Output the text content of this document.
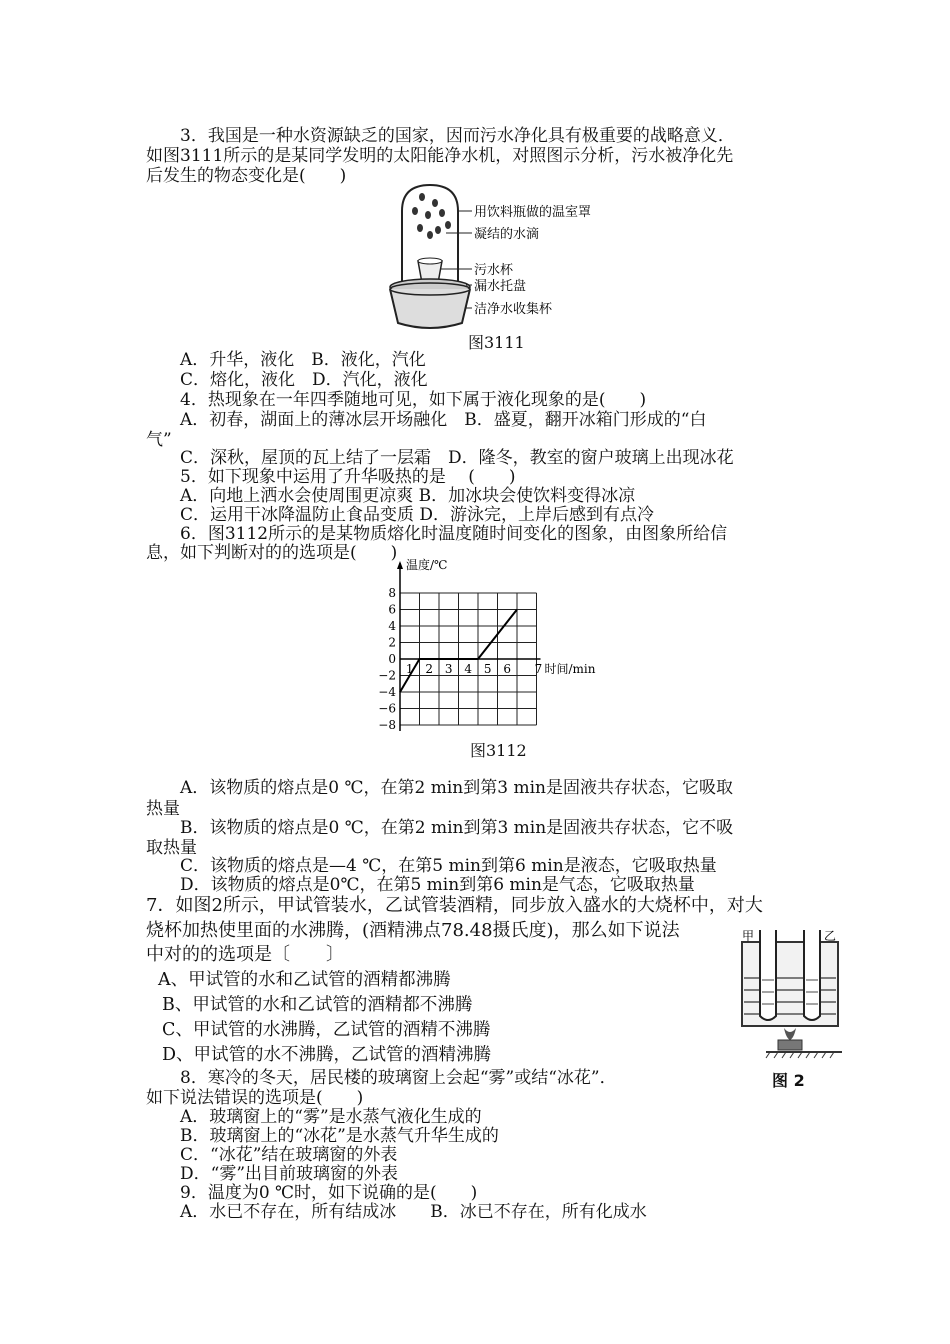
3．我国是一种水资源缺乏的国家，因而污水净化具有极重要的战略意义．
如图3111所示的是某同学发明的太阳能净水机，对照图示分析，污水被净化先
后发生的物态变化是(　　)
A．升华，液化　B．液化，汽化
C．熔化，液化　D．汽化，液化
4．热现象在一年四季随地可见，如下属于液化现象的是(　　)
A．初春，湖面上的薄冰层开场融化　B．盛夏，翻开冰箱门形成的“白
气”
C．深秋，屋顶的瓦上结了一层霜　D．隆冬，教室的窗户玻璃上出现冰花
5．如下现象中运用了升华吸热的是　 (　　)
A．向地上洒水会使周围更凉爽 B．加冰块会使饮料变得冰凉
C．运用干冰降温防止食品变质 D．游泳完，上岸后感到有点冷
6．图3112所示的是某物质熔化时温度随时间变化的图象，由图象所给信
息，如下判断对的的选项是(　　)
A．该物质的熔点是0 ℃，在第2 min到第3 min是固液共存状态，它吸取
热量
B．该物质的熔点是0 ℃，在第2 min到第3 min是固液共存状态，它不吸
取热量
C．该物质的熔点是—4 ℃，在第5 min到第6 min是液态，它吸取热量
D．该物质的熔点是0℃，在第5 min到第6 min是气态，它吸取热量
7．如图2所示，甲试管装水，乙试管装酒精，同步放入盛水的大烧杯中，对大
烧杯加热使里面的水沸腾，(酒精沸点78.48摄氏度)，那么如下说法
中对的的选项是〔　　〕
A、甲试管的水和乙试管的酒精都沸腾
B、甲试管的水和乙试管的酒精都不沸腾
C、甲试管的水沸腾，乙试管的酒精不沸腾
D、甲试管的水不沸腾，乙试管的酒精沸腾
8．寒冷的冬天，居民楼的玻璃窗上会起“雾”或结“冰花”．
如下说法错误的选项是(　　)
A．玻璃窗上的“雾”是水蒸气液化生成的
B．玻璃窗上的“冰花”是水蒸气升华生成的
C．“冰花”结在玻璃窗的外表
D．“雾”出目前玻璃窗的外表
9．温度为0 ℃时，如下说确的是(　　)
A．水已不存在，所有结成冰　　B．冰已不存在，所有化成水
用饮料瓶做的温室罩
凝结的水滴
污水杯
漏水托盘
洁净水收集杯
图3111
8
6
4
2
0
−2
−4
−6
−8
1 2 3 4 5 6 7
温度/℃
时间/min
图3112
甲	乙
图 2
